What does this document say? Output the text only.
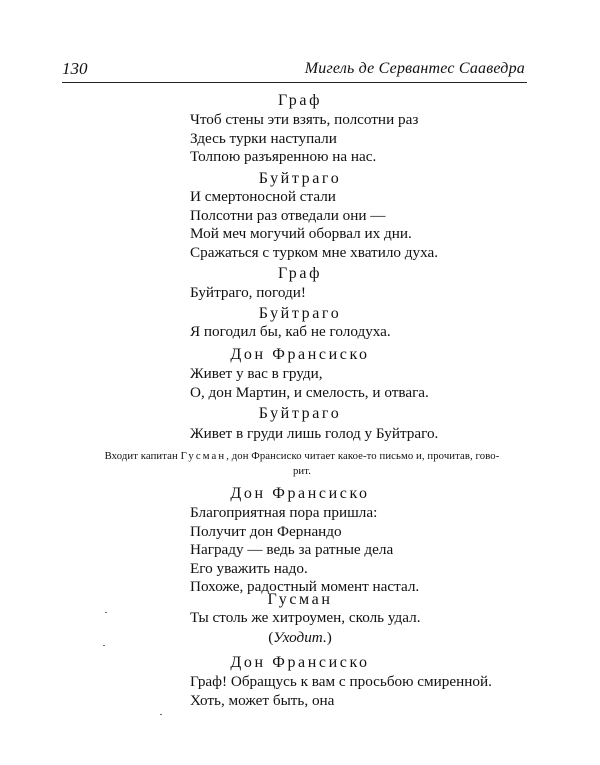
130	Мигель де Сервантес Сааведра
Граф
Чтоб стены эти взять, полсотни раз
Здесь турки наступали
Толпою разъяренною на нас.
Буйтраго
И смертоносной стали
Полсотни раз отведали они —
Мой меч могучий оборвал их дни.
Сражаться с турком мне хватило духа.
Граф
Буйтраго, погоди!
Буйтраго
Я погодил бы, каб не голодуха.
Дон Франсиско
Живет у вас в груди,
О, дон Мартин, и смелость, и отвага.
Буйтраго
Живет в груди лишь голод у Буйтраго.
Входит капитан Гусман, дон Франсиско читает какое-то письмо и, прочитав, гово-
рит.
Дон Франсиско
Благоприятная пора пришла:
Получит дон Фернандо
Награду — ведь за ратные дела
Его уважить надо.
Похоже, радостный момент настал.
Гусман
Ты столь же хитроумен, сколь удал.
(Уходит.)
Дон Франсиско
Граф! Обращусь к вам с просьбою смиренной.
Хоть, может быть, она
